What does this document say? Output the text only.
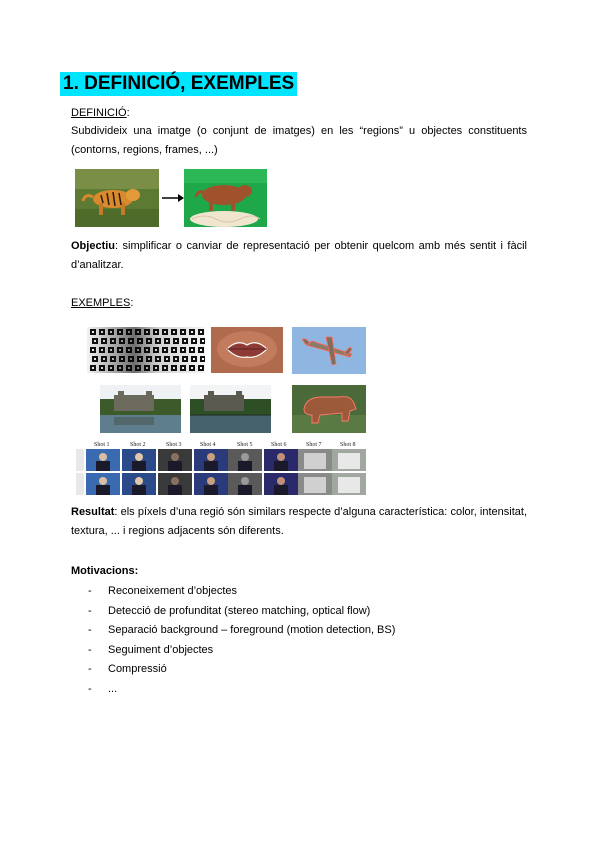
1. DEFINICIÓ, EXEMPLES
DEFINICIÓ:
Subdivideix una imatge (o conjunt de imatges) en les “regions” u objectes constituents (contorns, regions, frames, ...)
Objectiu: simplificar o canviar de representació per obtenir quelcom amb més sentit i fàcil d’analitzar.
EXEMPLES:
Shot 1	Shot 2	Shot 3	Shot 4	Shot 5	Shot 6	Shot 7	Shot 8
Resultat: els píxels d’una regió són similars respecte d’alguna característica: color, intensitat, textura, ... i regions adjacents són diferents.
Motivacions:
- Reconeixement d’objectes
- Detecció de profunditat (stereo matching, optical flow)
- Separació background – foreground (motion detection, BS)
- Seguiment d’objectes
- Compressió
- ...
